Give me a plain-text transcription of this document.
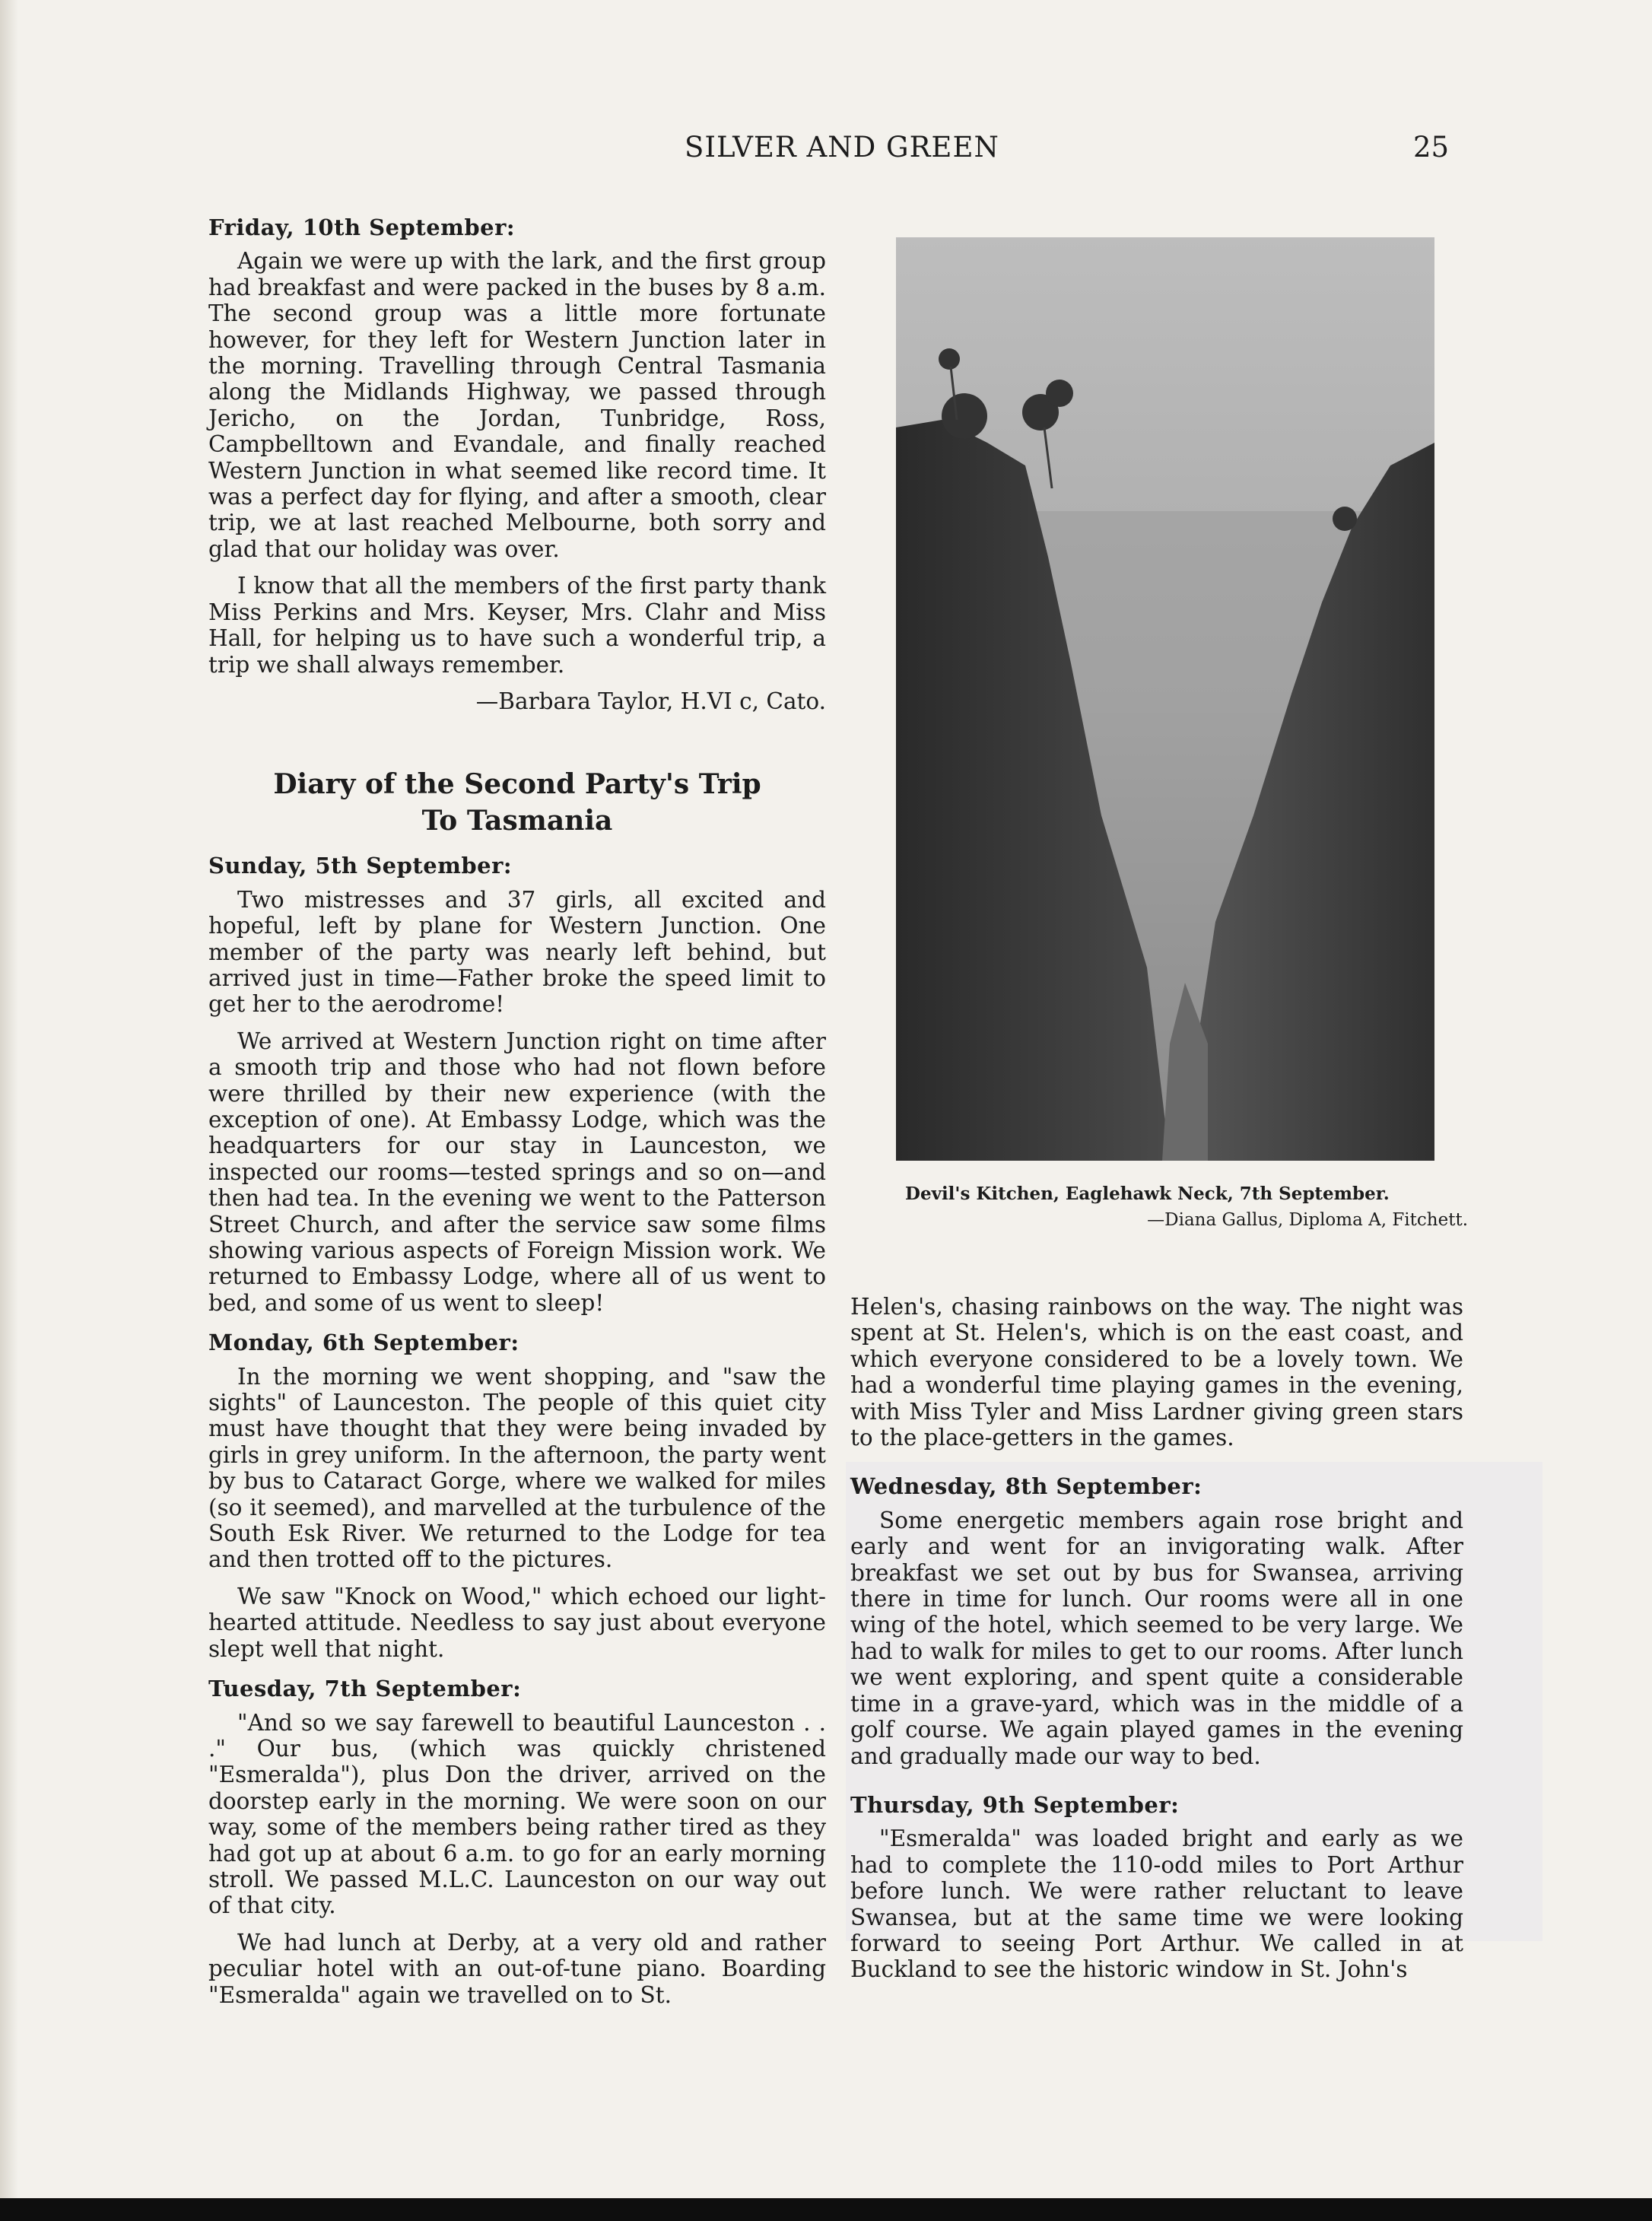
SILVER AND GREEN	25
Friday, 10th September:

Again we were up with the lark, and the first group had breakfast and were packed in the buses by 8 a.m. The second group was a little more fortunate however, for they left for Western Junction later in the morning. Travelling through Central Tasmania along the Midlands Highway, we passed through Jericho, on the Jordan, Tunbridge, Ross, Campbelltown and Evandale, and finally reached Western Junction in what seemed like record time. It was a perfect day for flying, and after a smooth, clear trip, we at last reached Melbourne, both sorry and glad that our holiday was over.

I know that all the members of the first party thank Miss Perkins and Mrs. Keyser, Mrs. Clahr and Miss Hall, for helping us to have such a wonderful trip, a trip we shall always remember.

—Barbara Taylor, H.VI c, Cato.

Diary of the Second Party's Trip
To Tasmania
Sunday, 5th September:

Two mistresses and 37 girls, all excited and hopeful, left by plane for Western Junction. One member of the party was nearly left behind, but arrived just in time—Father broke the speed limit to get her to the aerodrome!

We arrived at Western Junction right on time after a smooth trip and those who had not flown before were thrilled by their new experience (with the exception of one). At Embassy Lodge, which was the headquarters for our stay in Launceston, we inspected our rooms—tested springs and so on—and then had tea. In the evening we went to the Patterson Street Church, and after the service saw some films showing various aspects of Foreign Mission work. We returned to Embassy Lodge, where all of us went to bed, and some of us went to sleep!

Monday, 6th September:

In the morning we went shopping, and "saw the sights" of Launceston. The people of this quiet city must have thought that they were being invaded by girls in grey uniform. In the afternoon, the party went by bus to Cataract Gorge, where we walked for miles (so it seemed), and marvelled at the turbulence of the South Esk River. We returned to the Lodge for tea and then trotted off to the pictures.

We saw "Knock on Wood," which echoed our light-hearted attitude. Needless to say just about everyone slept well that night.

Tuesday, 7th September:

"And so we say farewell to beautiful Launceston . . ." Our bus, (which was quickly christened "Esmeralda"), plus Don the driver, arrived on the doorstep early in the morning. We were soon on our way, some of the members being rather tired as they had got up at about 6 a.m. to go for an early morning stroll. We passed M.L.C. Launceston on our way out of that city.

We had lunch at Derby, at a very old and rather peculiar hotel with an out-of-tune piano. Boarding "Esmeralda" again we travelled on to St.

Devil's Kitchen, Eaglehawk Neck, 7th September.
—Diana Gallus, Diploma A, Fitchett.

Helen's, chasing rainbows on the way. The night was spent at St. Helen's, which is on the east coast, and which everyone considered to be a lovely town. We had a wonderful time playing games in the evening, with Miss Tyler and Miss Lardner giving green stars to the place-getters in the games.

Wednesday, 8th September:

Some energetic members again rose bright and early and went for an invigorating walk. After breakfast we set out by bus for Swansea, arriving there in time for lunch. Our rooms were all in one wing of the hotel, which seemed to be very large. We had to walk for miles to get to our rooms. After lunch we went exploring, and spent quite a considerable time in a grave-yard, which was in the middle of a golf course. We again played games in the evening and gradually made our way to bed.

Thursday, 9th September:

"Esmeralda" was loaded bright and early as we had to complete the 110-odd miles to Port Arthur before lunch. We were rather reluctant to leave Swansea, but at the same time we were looking forward to seeing Port Arthur. We called in at Buckland to see the historic window in St. John's
